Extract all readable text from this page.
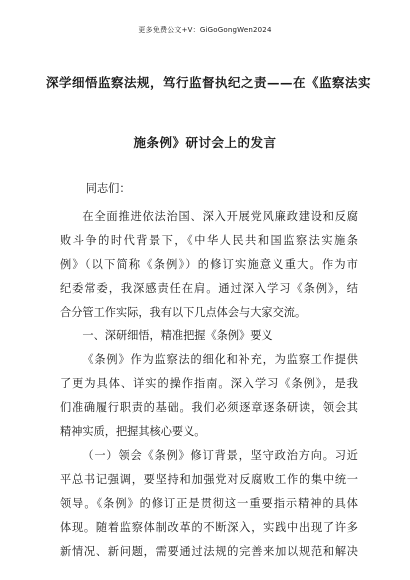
更多免费公文+V：GiGoGongWen2024
深学细悟监察法规，笃行监督执纪之责——在《监察法实
施条例》研讨会上的发言

同志们：

在全面推进依法治国、深入开展党风廉政建设和反腐
败斗争的时代背景下，《中华人民共和国监察法实施条
例》（以下简称《条例》）的修订实施意义重大。作为市
纪委常委，我深感责任在肩。通过深入学习《条例》，结
合分管工作实际，我有以下几点体会与大家交流。

一、深研细悟，精准把握《条例》要义

《条例》作为监察法的细化和补充，为监察工作提供
了更为具体、详实的操作指南。深入学习《条例》，是我
们准确履行职责的基础。我们必须逐章逐条研读，领会其
精神实质，把握其核心要义。

（一）领会《条例》修订背景，坚守政治方向。习近
平总书记强调，要坚持和加强党对反腐败工作的集中统一
领导。《条例》的修订正是贯彻这一重要指示精神的具体
体现。随着监察体制改革的不断深入，实践中出现了许多
新情况、新问题，需要通过法规的完善来加以规范和解决
